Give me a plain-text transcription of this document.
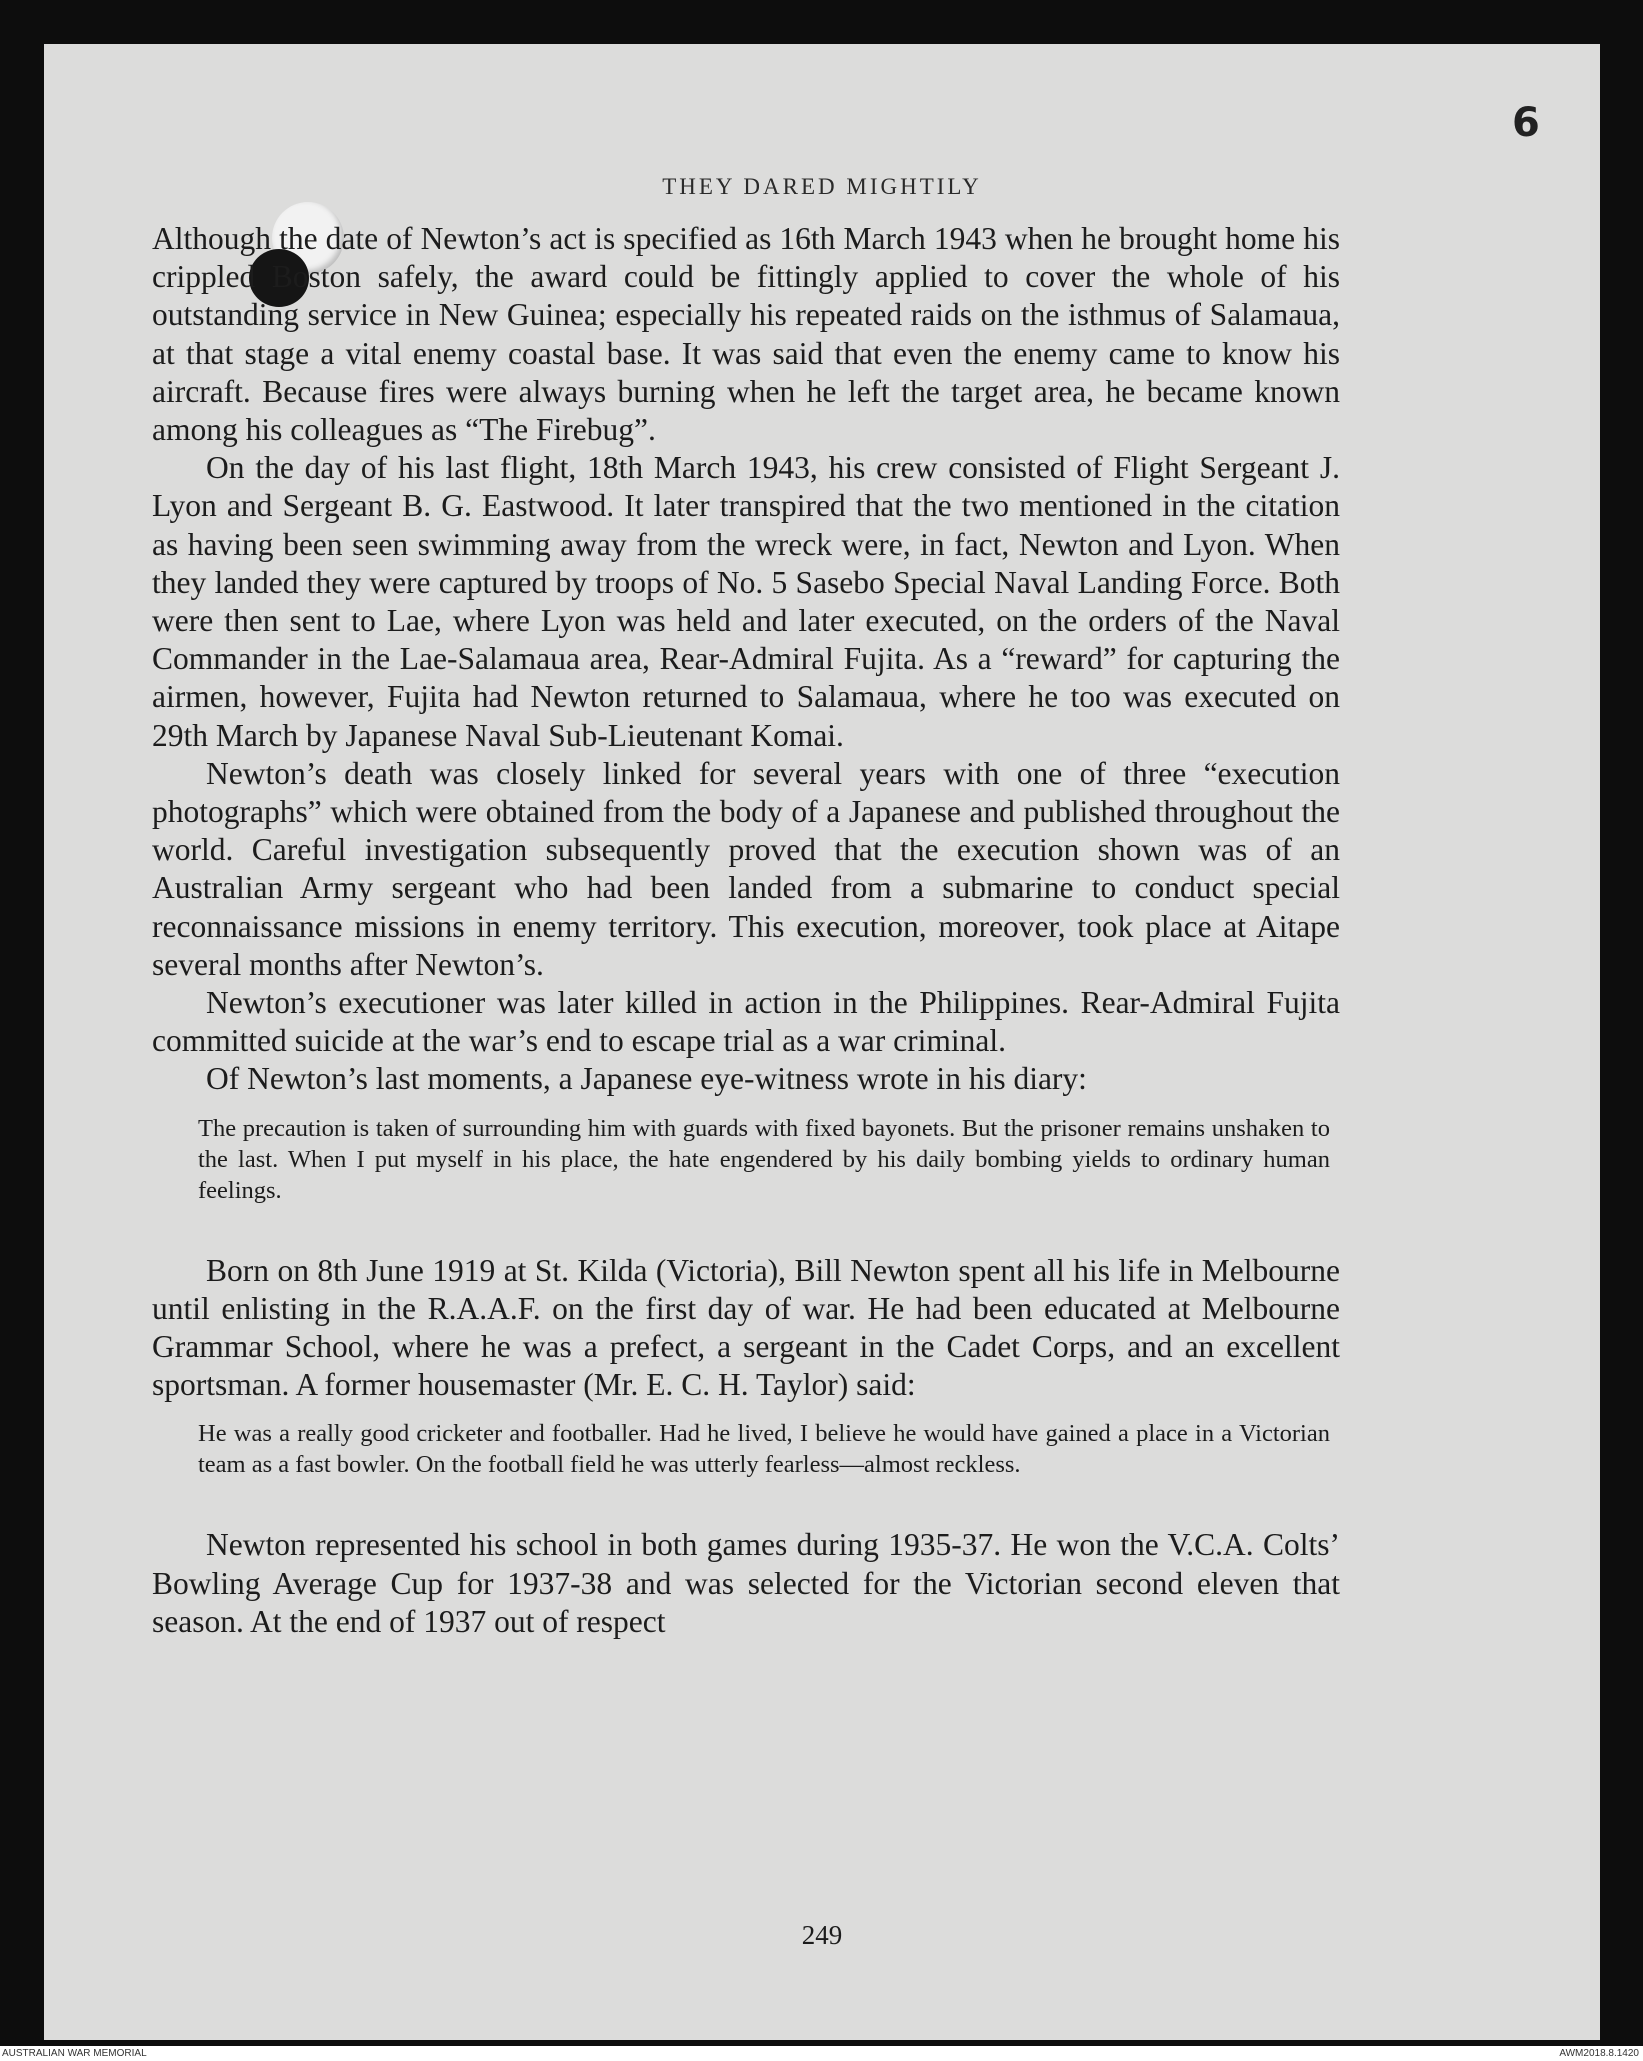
6
THEY DARED MIGHTILY

Although the date of Newton’s act is specified as 16th March 1943 when he brought home his crippled Boston safely, the award could be fittingly applied to cover the whole of his outstanding service in New Guinea; especially his repeated raids on the isthmus of Salamaua, at that stage a vital enemy coastal base. It was said that even the enemy came to know his aircraft. Because fires were always burning when he left the target area, he became known among his colleagues as “The Firebug”.

On the day of his last flight, 18th March 1943, his crew consisted of Flight Sergeant J. Lyon and Sergeant B. G. Eastwood. It later transpired that the two mentioned in the citation as having been seen swimming away from the wreck were, in fact, Newton and Lyon. When they landed they were captured by troops of No. 5 Sasebo Special Naval Landing Force. Both were then sent to Lae, where Lyon was held and later executed, on the orders of the Naval Commander in the Lae-Salamaua area, Rear-Admiral Fujita. As a “reward” for capturing the airmen, however, Fujita had Newton returned to Salamaua, where he too was executed on 29th March by Japanese Naval Sub-Lieutenant Komai.

Newton’s death was closely linked for several years with one of three “execution photographs” which were obtained from the body of a Japanese and published throughout the world. Careful investigation subsequently proved that the execution shown was of an Australian Army sergeant who had been landed from a submarine to conduct special reconnaissance missions in enemy territory. This execution, moreover, took place at Aitape several months after Newton’s.

Newton’s executioner was later killed in action in the Philippines. Rear-Admiral Fujita committed suicide at the war’s end to escape trial as a war criminal.

Of Newton’s last moments, a Japanese eye-witness wrote in his diary:

The precaution is taken of surrounding him with guards with fixed bayonets. But the prisoner remains unshaken to the last. When I put myself in his place, the hate engendered by his daily bombing yields to ordinary human feelings.

Born on 8th June 1919 at St. Kilda (Victoria), Bill Newton spent all his life in Melbourne until enlisting in the R.A.A.F. on the first day of war. He had been educated at Melbourne Grammar School, where he was a prefect, a sergeant in the Cadet Corps, and an excellent sportsman. A former housemaster (Mr. E. C. H. Taylor) said:

He was a really good cricketer and footballer. Had he lived, I believe he would have gained a place in a Victorian team as a fast bowler. On the football field he was utterly fearless—almost reckless.

Newton represented his school in both games during 1935-37. He won the V.C.A. Colts’ Bowling Average Cup for 1937-38 and was selected for the Victorian second eleven that season. At the end of 1937 out of respect

249
AUSTRALIAN WAR MEMORIAL	AWM2018.8.1420
